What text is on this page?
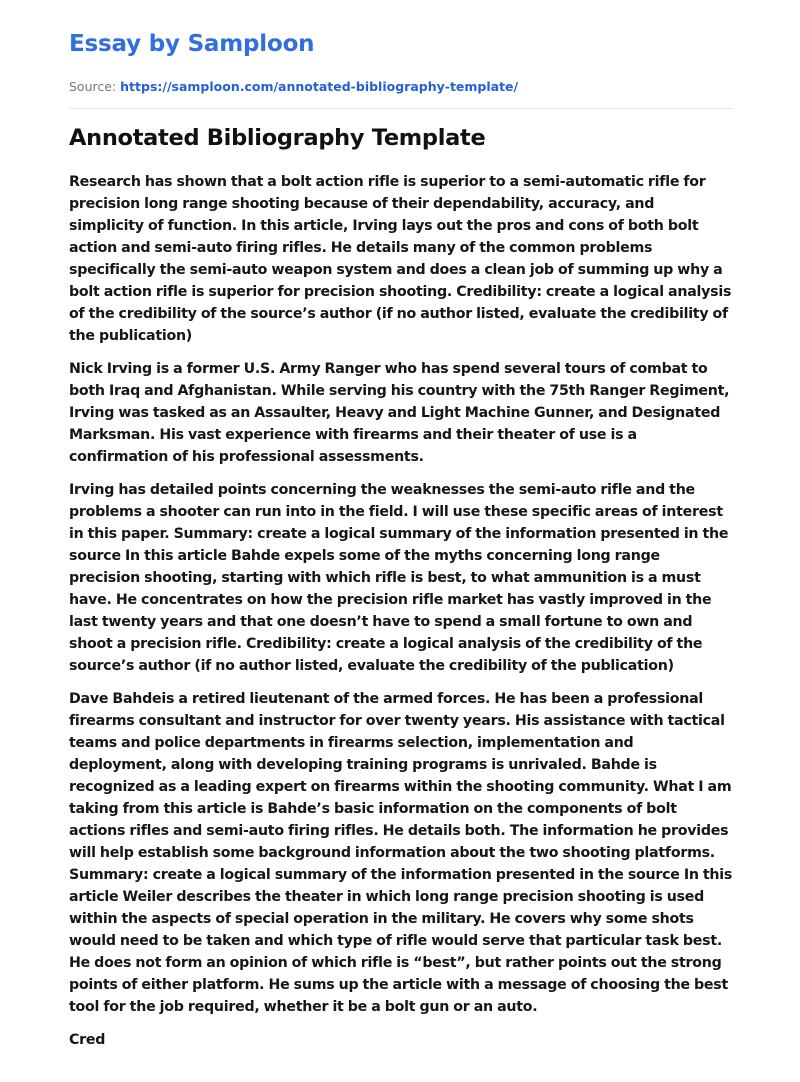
Essay by Samploon
Source: https://samploon.com/annotated-bibliography-template/
Annotated Bibliography Template

Research has shown that a bolt action rifle is superior to a semi-automatic rifle for precision long range shooting because of their dependability, accuracy, and simplicity of function. In this article, Irving lays out the pros and cons of both bolt action and semi-auto firing rifles. He details many of the common problems specifically the semi-auto weapon system and does a clean job of summing up why a bolt action rifle is superior for precision shooting. Credibility: create a logical analysis of the credibility of the source’s author (if no author listed, evaluate the credibility of the publication)

Nick Irving is a former U.S. Army Ranger who has spend several tours of combat to both Iraq and Afghanistan. While serving his country with the 75th Ranger Regiment, Irving was tasked as an Assaulter, Heavy and Light Machine Gunner, and Designated Marksman. His vast experience with firearms and their theater of use is a confirmation of his professional assessments.

Irving has detailed points concerning the weaknesses the semi-auto rifle and the problems a shooter can run into in the field. I will use these specific areas of interest in this paper. Summary: create a logical summary of the information presented in the source In this article Bahde expels some of the myths concerning long range precision shooting, starting with which rifle is best, to what ammunition is a must have. He concentrates on how the precision rifle market has vastly improved in the last twenty years and that one doesn’t have to spend a small fortune to own and shoot a precision rifle. Credibility: create a logical analysis of the credibility of the source’s author (if no author listed, evaluate the credibility of the publication)

Dave Bahdeis a retired lieutenant of the armed forces. He has been a professional firearms consultant and instructor for over twenty years. His assistance with tactical teams and police departments in firearms selection, implementation and deployment, along with developing training programs is unrivaled. Bahde is recognized as a leading expert on firearms within the shooting community. What I am taking from this article is Bahde’s basic information on the components of bolt actions rifles and semi-auto firing rifles. He details both. The information he provides will help establish some background information about the two shooting platforms. Summary: create a logical summary of the information presented in the source In this article Weiler describes the theater in which long range precision shooting is used within the aspects of special operation in the military. He covers why some shots would need to be taken and which type of rifle would serve that particular task best. He does not form an opinion of which rifle is “best”, but rather points out the strong points of either platform. He sums up the article with a message of choosing the best tool for the job required, whether it be a bolt gun or an auto.

Cred
